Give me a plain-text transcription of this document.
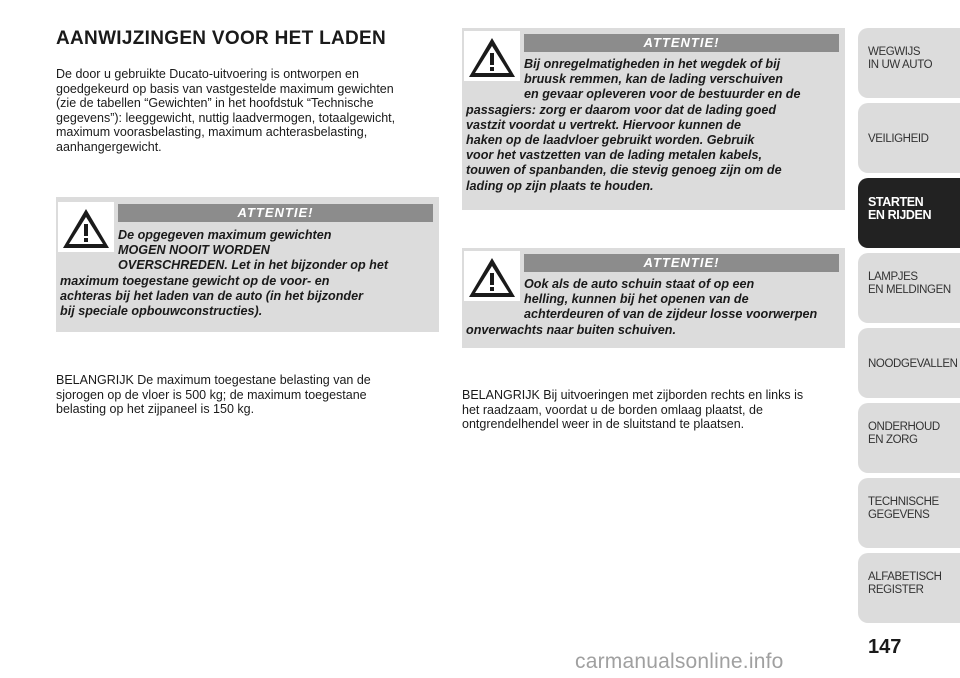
AANWIJZINGEN VOOR HET LADEN

De door u gebruikte Ducato-uitvoering is ontworpen en
goedgekeurd op basis van vastgestelde maximum gewichten
(zie de tabellen “Gewichten” in het hoofdstuk “Technische
gegevens”): leeggewicht, nuttig laadvermogen, totaalgewicht,
maximum voorasbelasting, maximum achterasbelasting,
aanhangergewicht.

ATTENTIE!

De opgegeven maximum gewichten
MOGEN NOOIT WORDEN
OVERSCHREDEN. Let in het bijzonder op het
maximum toegestane gewicht op de voor- en
achteras bij het laden van de auto (in het bijzonder
bij speciale opbouwconstructies).

ATTENTIE!

Bij onregelmatigheden in het wegdek of bij
bruusk remmen, kan de lading verschuiven
en gevaar opleveren voor de bestuurder en de
passagiers: zorg er daarom voor dat de lading goed
vastzit voordat u vertrekt. Hiervoor kunnen de
haken op de laadvloer gebruikt worden. Gebruik
voor het vastzetten van de lading metalen kabels,
touwen of spanbanden, die stevig genoeg zijn om de
lading op zijn plaats te houden.

ATTENTIE!

Ook als de auto schuin staat of op een
helling, kunnen bij het openen van de
achterdeuren of van de zijdeur losse voorwerpen
onverwachts naar buiten schuiven.

BELANGRIJK De maximum toegestane belasting van de
sjorogen op de vloer is 500 kg; de maximum toegestane
belasting op het zijpaneel is 150 kg.

BELANGRIJK Bij uitvoeringen met zijborden rechts en links is
het raadzaam, voordat u de borden omlaag plaatst, de
ontgrendelhendel weer in de sluitstand te plaatsen.

WEGWIJS
IN UW AUTO
VEILIGHEID
STARTEN
EN RIJDEN
LAMPJES
EN MELDINGEN
NOODGEVALLEN
ONDERHOUD
EN ZORG
TECHNISCHE
GEGEVENS
ALFABETISCH
REGISTER
147
carmanualsonline.info
